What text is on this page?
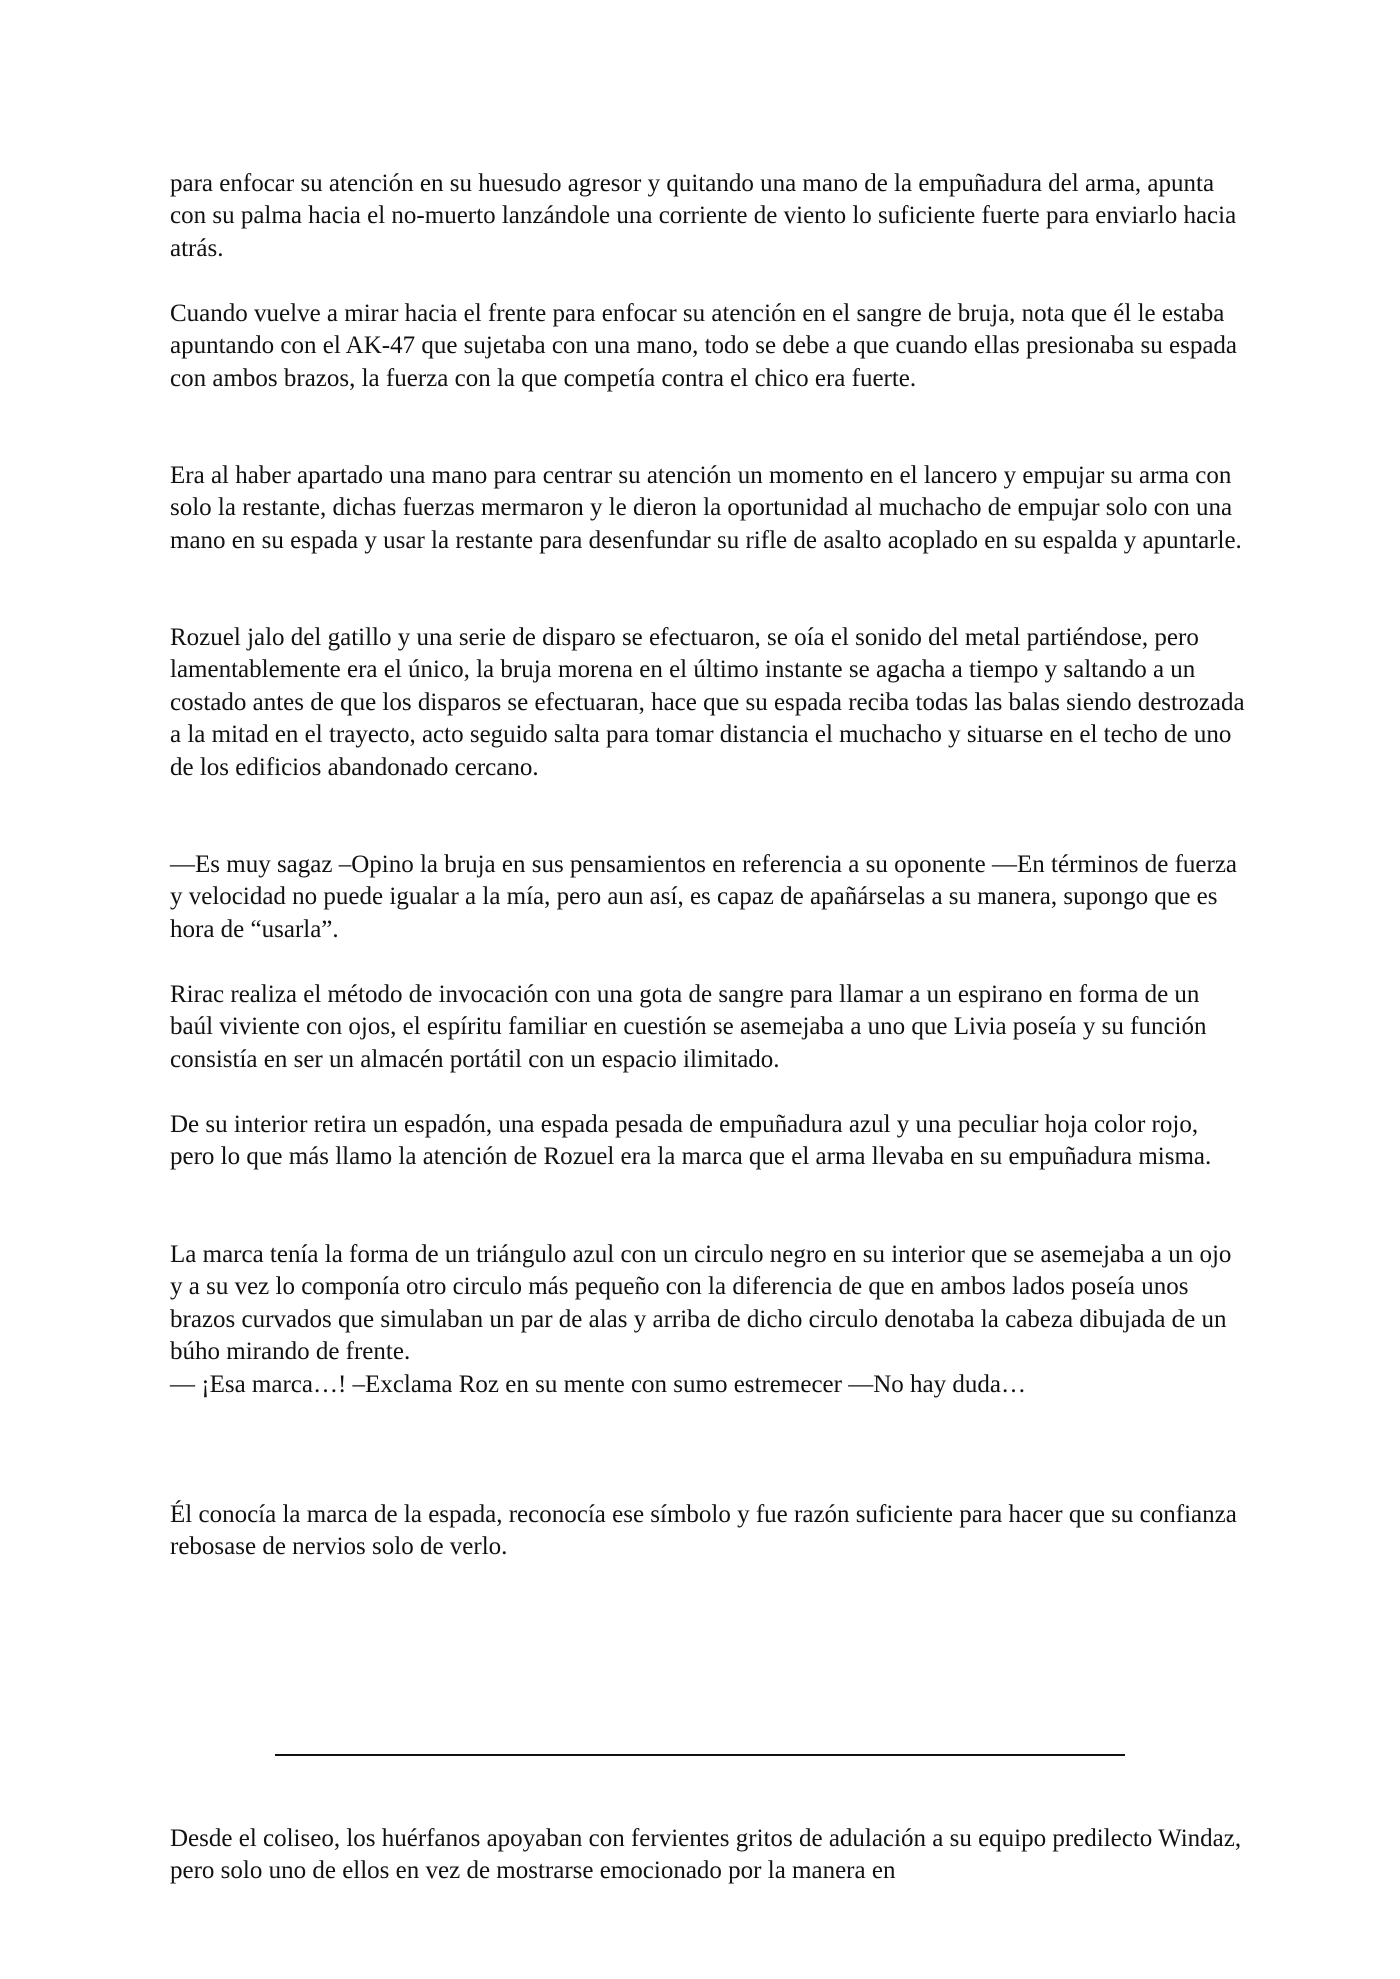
para enfocar su atención en su huesudo agresor y quitando una mano de la empuñadura del arma, apunta con su palma hacia el no-muerto lanzándole una corriente de viento lo suficiente fuerte para enviarlo hacia atrás.

Cuando vuelve a mirar hacia el frente para enfocar su atención en el sangre de bruja, nota que él le estaba apuntando con el AK-47 que sujetaba con una mano, todo se debe a que cuando ellas presionaba su espada con ambos brazos, la fuerza con la que competía contra el chico era fuerte.

Era al haber apartado una mano para centrar su atención un momento en el lancero y empujar su arma con solo la restante, dichas fuerzas mermaron y le dieron la oportunidad al muchacho de empujar solo con una mano en su espada y usar la restante para desenfundar su rifle de asalto acoplado en su espalda y apuntarle.

Rozuel jalo del gatillo y una serie de disparo se efectuaron, se oía el sonido del metal partiéndose, pero lamentablemente era el único, la bruja morena en el último instante se agacha a tiempo y saltando a un costado antes de que los disparos se efectuaran, hace que su espada reciba todas las balas siendo destrozada a la mitad en el trayecto, acto seguido salta para tomar distancia el muchacho y situarse en el techo de uno de los edificios abandonado cercano.

—Es muy sagaz –Opino la bruja en sus pensamientos en referencia a su oponente —En términos de fuerza y velocidad no puede igualar a la mía, pero aun así, es capaz de apañárselas a su manera, supongo que es hora de “usarla”.

Rirac realiza el método de invocación con una gota de sangre para llamar a un espirano en forma de un baúl viviente con ojos, el espíritu familiar en cuestión se asemejaba a uno que Livia poseía y su función consistía en ser un almacén portátil con un espacio ilimitado.

De su interior retira un espadón, una espada pesada de empuñadura azul y una peculiar hoja color rojo, pero lo que más llamo la atención de Rozuel era la marca que el arma llevaba en su empuñadura misma.

La marca tenía la forma de un triángulo azul con un circulo negro en su interior que se asemejaba a un ojo y a su vez lo componía otro circulo más pequeño con la diferencia de que en ambos lados poseía unos brazos curvados que simulaban un par de alas y arriba de dicho circulo denotaba la cabeza dibujada de un búho mirando de frente.

— ¡Esa marca…! –Exclama Roz en su mente con sumo estremecer —No hay duda…

Él conocía la marca de la espada, reconocía ese símbolo y fue razón suficiente para hacer que su confianza rebosase de nervios solo de verlo.

Desde el coliseo, los huérfanos apoyaban con fervientes gritos de adulación a su equipo predilecto Windaz, pero solo uno de ellos en vez de mostrarse emocionado por la manera en
